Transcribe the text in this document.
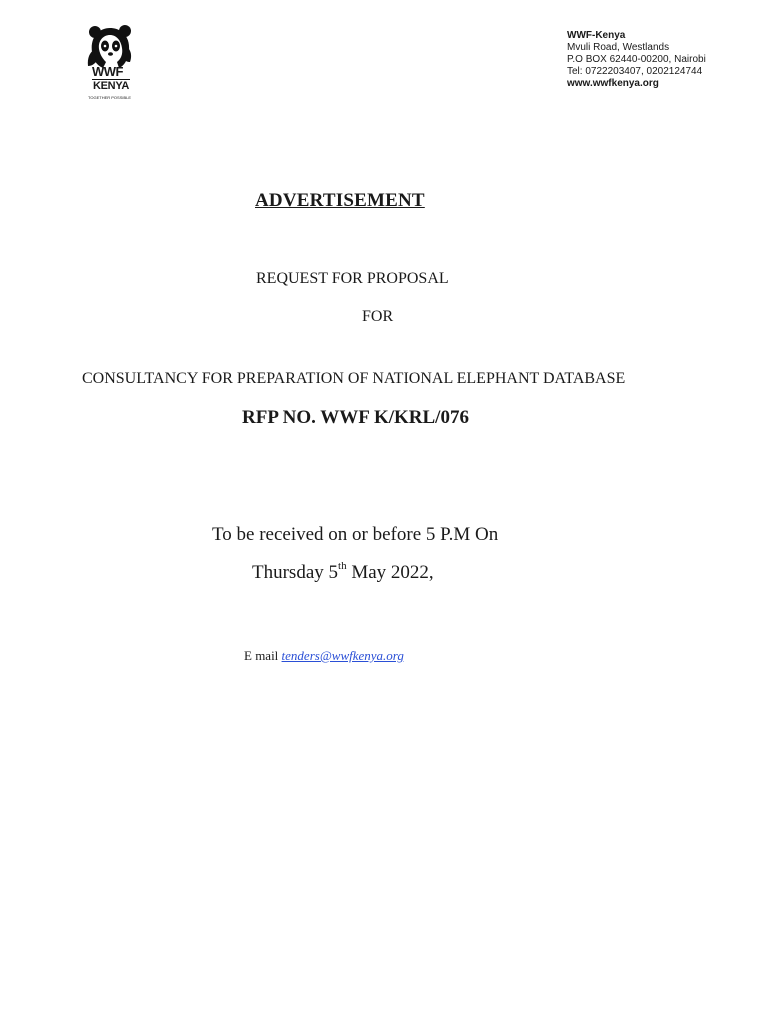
WWF
KENYA
TOGETHER POSSIBLE
WWF-Kenya
Mvuli Road, Westlands
P.O BOX 62440-00200, Nairobi
Tel: 0722203407, 0202124744
www.wwfkenya.org
ADVERTISEMENT
REQUEST FOR PROPOSAL
FOR
CONSULTANCY FOR PREPARATION OF NATIONAL ELEPHANT DATABASE
RFP NO. WWF K/KRL/076
To be received on or before 5 P.M On
Thursday 5th May 2022,
E mail tenders@wwfkenya.org
